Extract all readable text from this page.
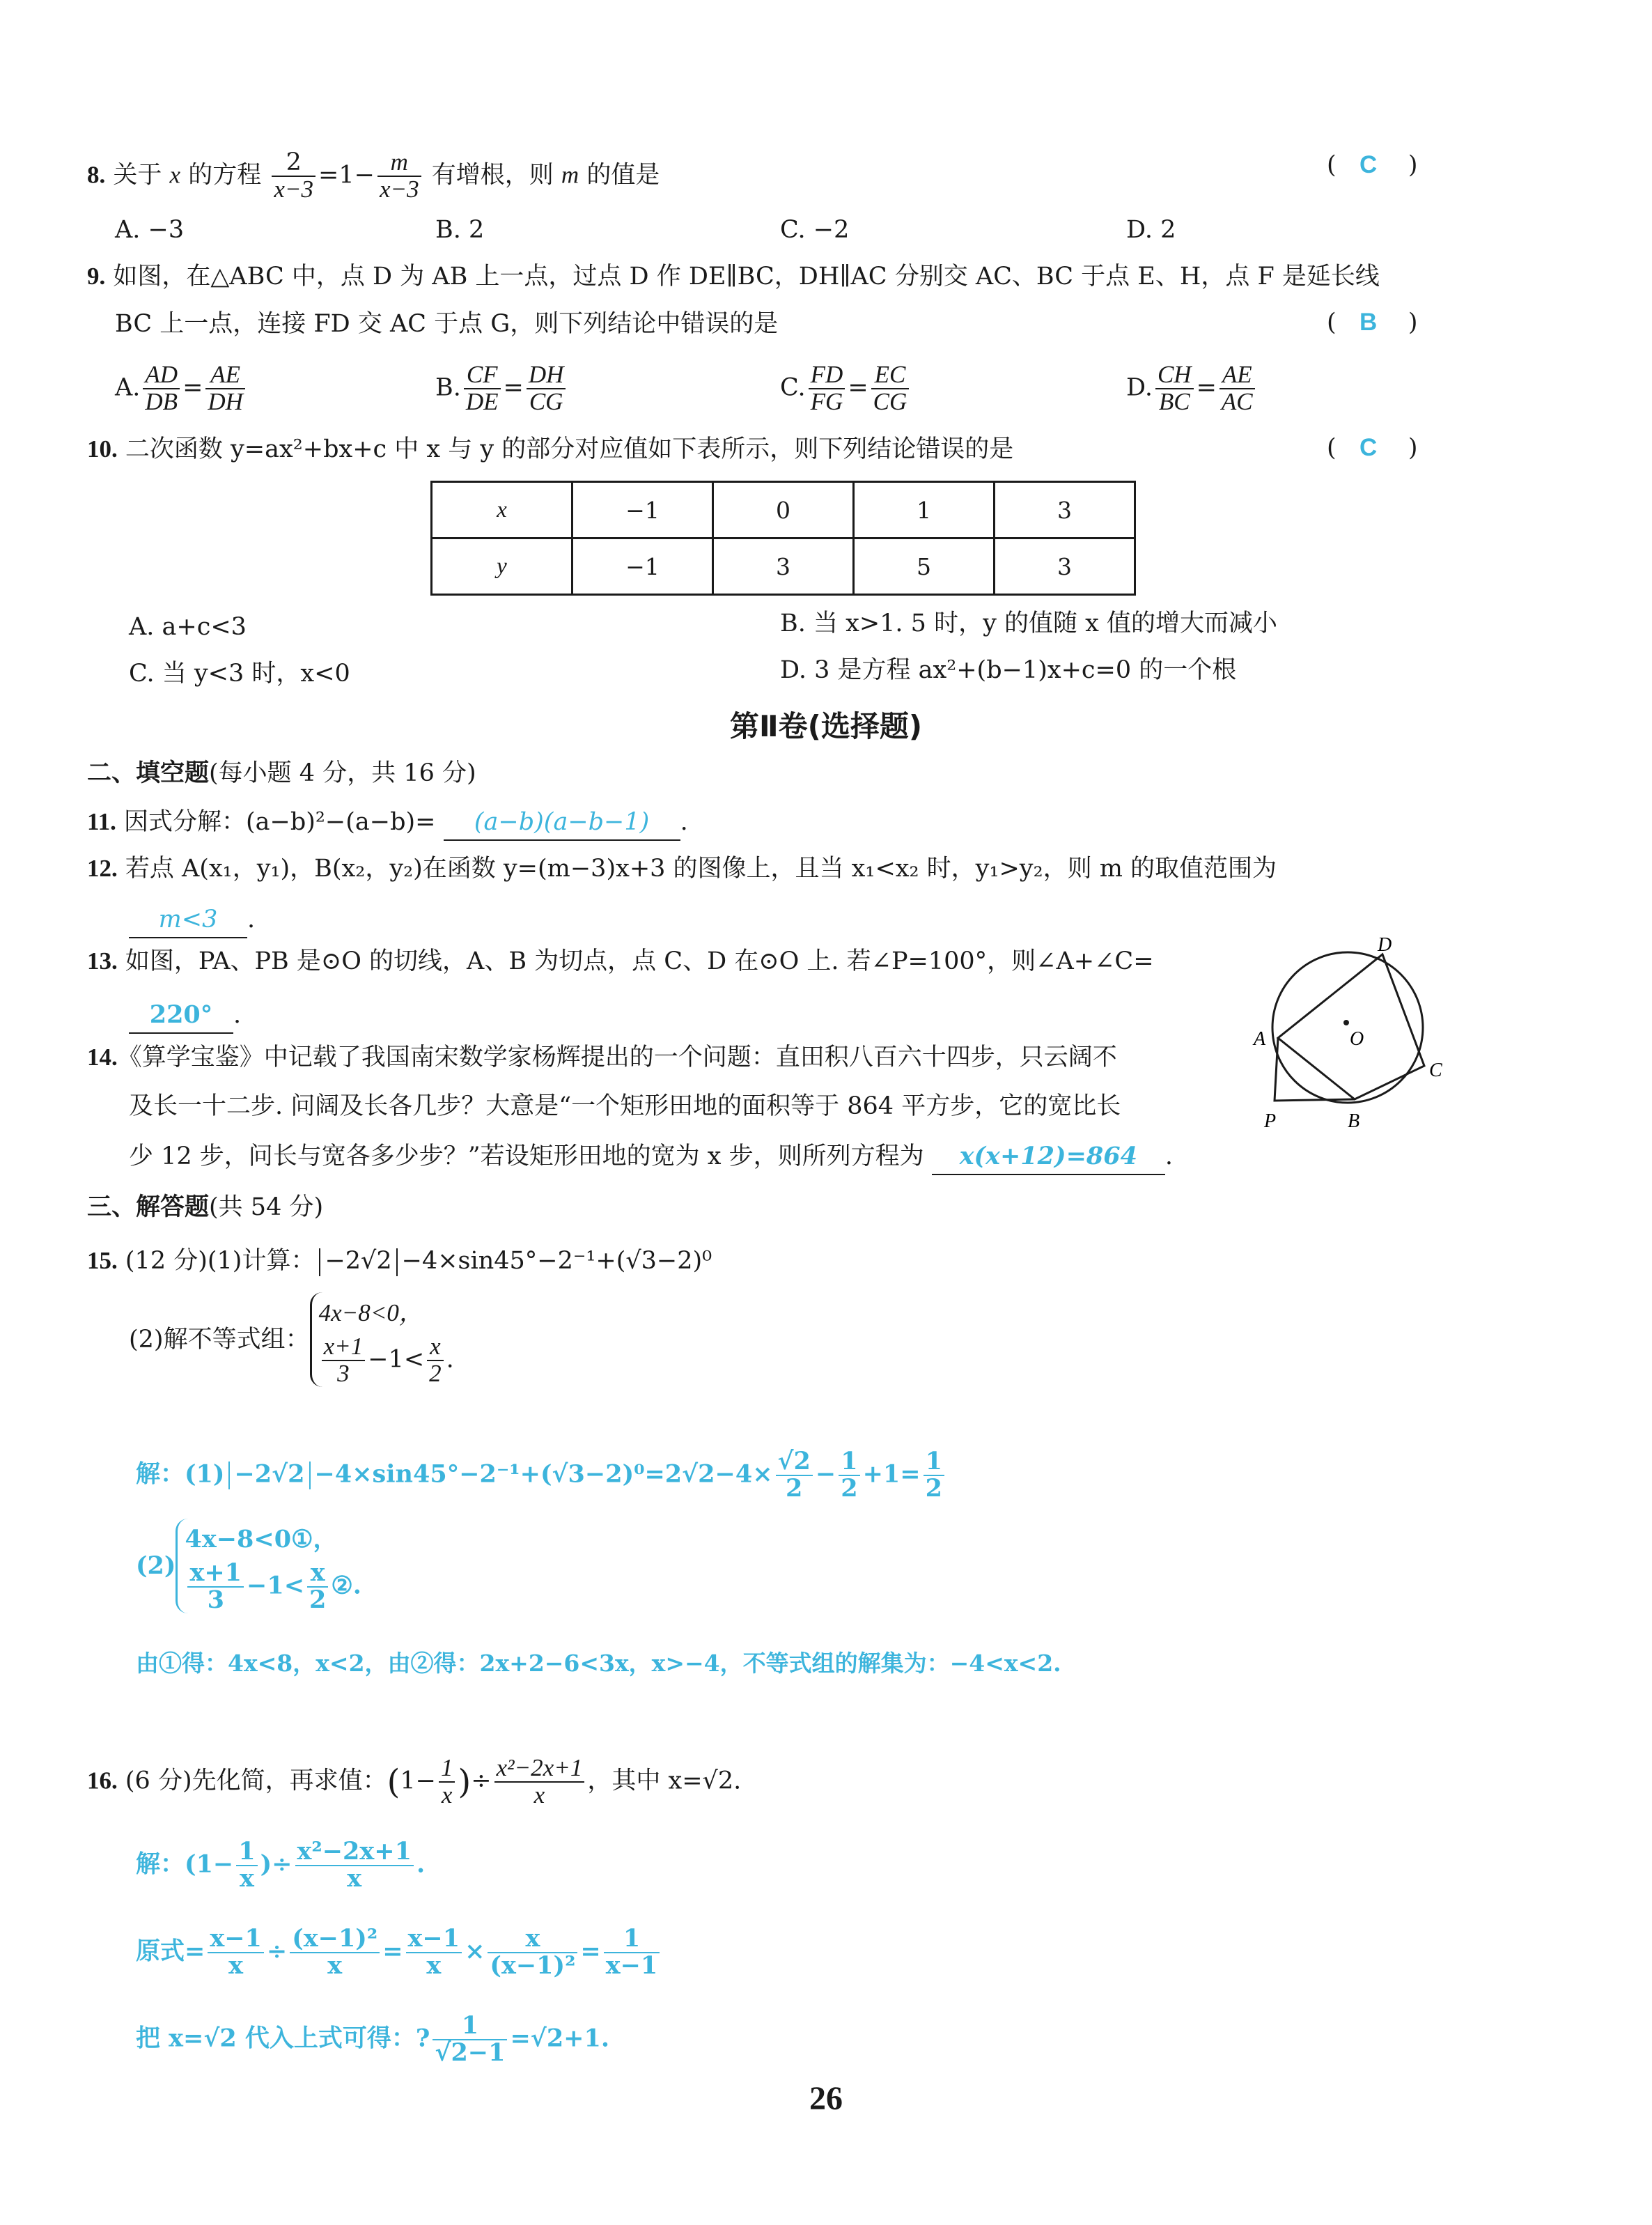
8. 关于 x 的方程 $\frac{2}{x-3} =1- \frac{m}{x-3}$ 有增根，则 m 的值是	(   C    )
A. −3	B. 2	C. −2	D. 2
9. 如图，在△ABC 中，点 D 为 AB 上一点，过点 D 作 DE∥BC，DH∥AC 分别交 AC、BC 于点 E、H，点 F 是延长线
BC 上一点，连接 FD 交 AC 于点 G，则下列结论中错误的是	(   B    )
A. $\frac{AD}{DB} = \frac{AE}{DH}$	B. $\frac{CF}{DE} = \frac{DH}{CG}$	C. $\frac{FD}{FG} = \frac{EC}{CG}$	D. $\frac{CH}{BC} = \frac{AE}{AC}$
10. 二次函数 y=ax²+bx+c 中 x 与 y 的部分对应值如下表所示，则下列结论错误的是	(   C    )
x	−1	0	1	3
y	−1	3	5	3
A. a+c<3	B. 当 x>1. 5 时，y 的值随 x 值的增大而减小
C. 当 y<3 时，x<0	D. 3 是方程 ax²+(b−1)x+c=0 的一个根
第Ⅱ卷(选择题)
二、填空题(每小题 4 分，共 16 分)
11. 因式分解：(a−b)²−(a−b)= (a−b)(a−b−1) .
12. 若点 A(x₁，y₁)，B(x₂，y₂)在函数 y=(m−3)x+3 的图像上，且当 x₁<x₂ 时，y₁>y₂，则 m 的取值范围为
m<3 .
13. 如图，PA、PB 是⊙O 的切线，A、B 为切点，点 C、D 在⊙O 上. 若∠P=100°，则∠A+∠C=
220° .
D
O
A
C
P	B
14.《算学宝鉴》中记载了我国南宋数学家杨辉提出的一个问题：直田积八百六十四步，只云阔不
及长一十二步. 问阔及长各几步？大意是“一个矩形田地的面积等于 864 平方步，它的宽比长
少 12 步，问长与宽各多少步？”若设矩形田地的宽为 x 步，则所列方程为 x(x+12)=864 .
三、解答题(共 54 分)
15. (12 分)(1)计算： −2√2 −4×sin45°−2⁻¹+(√3−2)⁰
(2)解不等式组：
4x−8<0，
$\frac{x+1}{3} -1< \frac{x}{2}$ .
解：$(1) -2√2 -4\times\sin 45^\circ-2^{-1}+(√3-2)^0=2√2-4\times \frac{√2}{2} - \frac{1}{2} +1= \frac{1}{2}$
(2)
4x−8<0①，
$\frac{x+1}{3} -1< \frac{x}{2}$ ②.
由①得：4x<8，x<2，由②得：2x+2−6<3x，x>−4，不等式组的解集为：−4<x<2.
16. (6 分)先化简，再求值：($1- \frac{1}{x}$ )÷ $\frac{\text{x²−2x+1}}{x}$ ，其中 x=√2.
解：($1- \frac{1}{x}$ )÷ $\frac{\text{x²−2x+1}}{x}$ .
原式= $\frac{x-1}{x} \div \frac{\text{(x−1)²}}{x} = \frac{x-1}{x} \times \frac{x}{\text{(x−1)²}} = \frac{1}{x-1}$
把 x=√2 代入上式可得：? $\frac{1}{√2-1} =√2+1$.
26
